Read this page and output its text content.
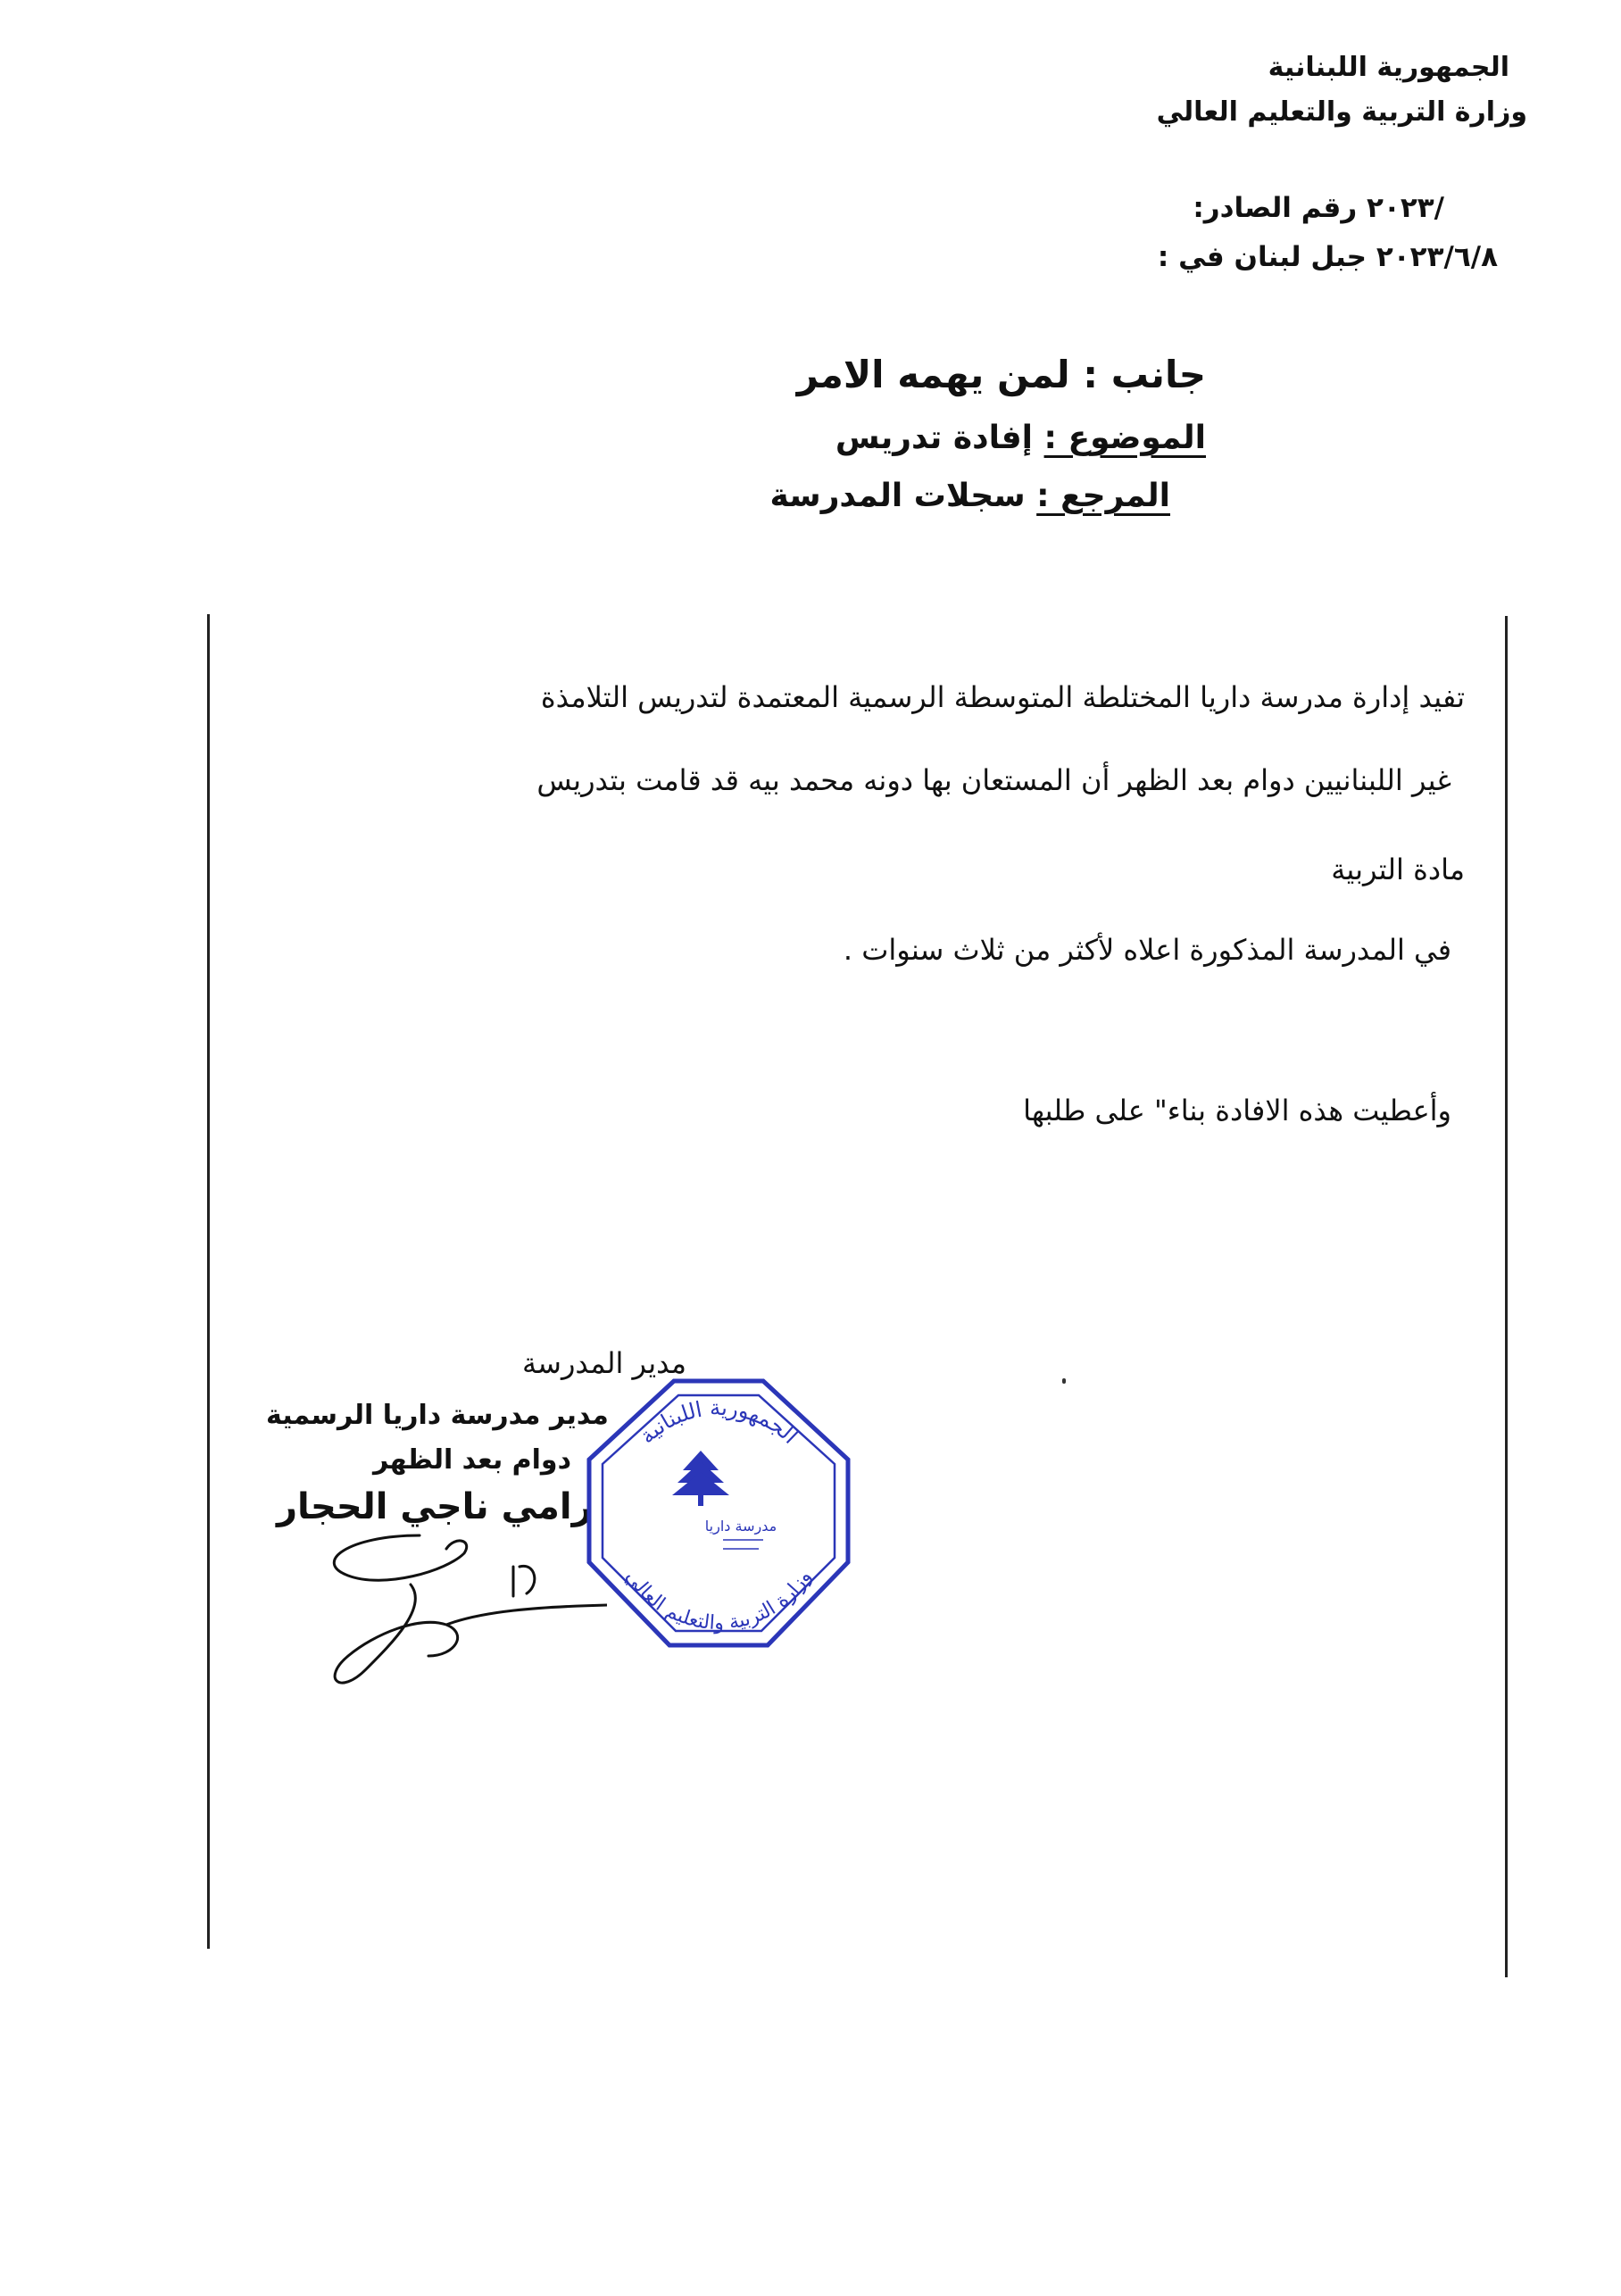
الجمهورية اللبنانية
وزارة التربية والتعليم العالي
رقم الصادر: /٢٠٢٣
جبل لبنان في : ٢٠٢٣/٦/٨
جانب : لمن يهمه الامر
الموضوع : إفادة تدريس
المرجع : سجلات المدرسة
تفيد إدارة مدرسة داريا المختلطة المتوسطة الرسمية المعتمدة لتدريس التلامذة
غير اللبنانيين دوام بعد الظهر أن المستعان بها دونه محمد بيه قد قامت بتدريس
مادة التربية
في المدرسة المذكورة اعلاه لأكثر من ثلاث سنوات .
وأعطيت هذه الافادة بناء" على طلبها
مدير المدرسة
مدير مدرسة داريا الرسمية
دوام بعد الظهر
رامي ناجي الحجار
الجمهورية اللبنانية
وزارة التربية والتعليم العالي
مدرسة داريا
